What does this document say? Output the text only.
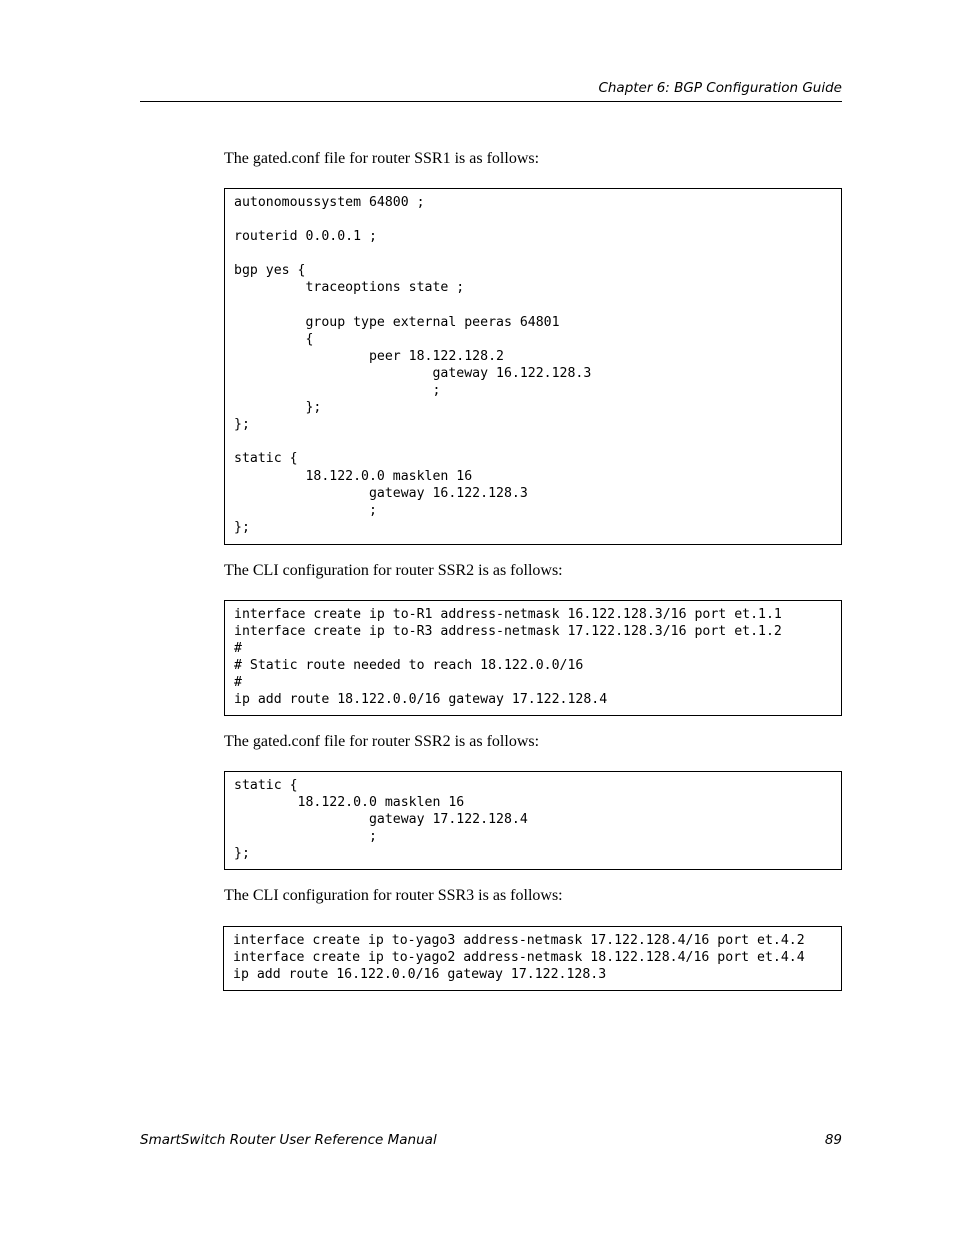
Chapter 6: BGP Configuration Guide
The gated.conf file for router SSR1 is as follows:
autonomoussystem 64800 ;

routerid 0.0.0.1 ;

bgp yes {
traceoptions state ;

group type external peeras 64801
{
peer 18.122.128.2
gateway 16.122.128.3
;
};
};

static {
18.122.0.0 masklen 16
gateway 16.122.128.3
;
};
The CLI configuration for router SSR2 is as follows:
interface create ip to-R1 address-netmask 16.122.128.3/16 port et.1.1
interface create ip to-R3 address-netmask 17.122.128.3/16 port et.1.2
#
# Static route needed to reach 18.122.0.0/16
#
ip add route 18.122.0.0/16 gateway 17.122.128.4
The gated.conf file for router SSR2 is as follows:
static {
18.122.0.0 masklen 16
gateway 17.122.128.4
;
};
The CLI configuration for router SSR3 is as follows:
interface create ip to-yago3 address-netmask 17.122.128.4/16 port et.4.2
interface create ip to-yago2 address-netmask 18.122.128.4/16 port et.4.4
ip add route 16.122.0.0/16 gateway 17.122.128.3
SmartSwitch Router User Reference Manual	89
